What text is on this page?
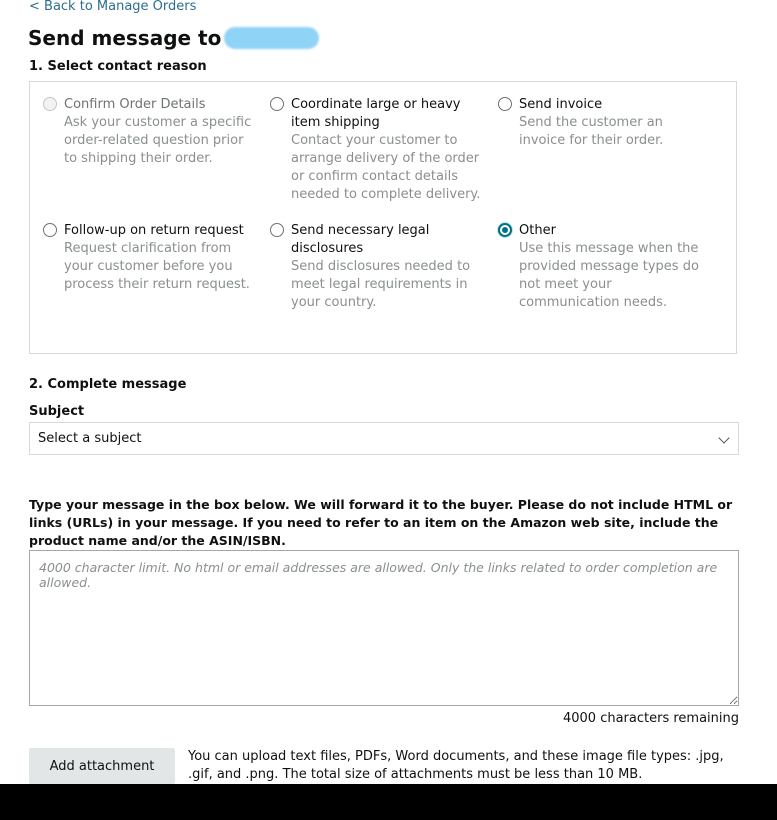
< Back to Manage Orders
Send message to
1. Select contact reason
Confirm Order Details
Ask your customer a specific order-related question prior to shipping their order.
Coordinate large or heavy item shipping
Contact your customer to arrange delivery of the order or confirm contact details needed to complete delivery.
Send invoice
Send the customer an invoice for their order.
Follow-up on return request
Request clarification from your customer before you process their return request.
Send necessary legal disclosures
Send disclosures needed to meet legal requirements in your country.
Other
Use this message when the provided message types do not meet your communication needs.
2. Complete message
Subject
Select a subject

Type your message in the box below. We will forward it to the buyer. Please do not include HTML or links (URLs) in your message. If you need to refer to an item on the Amazon web site, include the product name and/or the ASIN/ISBN.

4000 character limit. No html or email addresses are allowed. Only the links related to order completion are allowed.
4000 characters remaining
Add attachment

You can upload text files, PDFs, Word documents, and these image file types: .jpg, .gif, and .png. The total size of attachments must be less than 10 MB.
